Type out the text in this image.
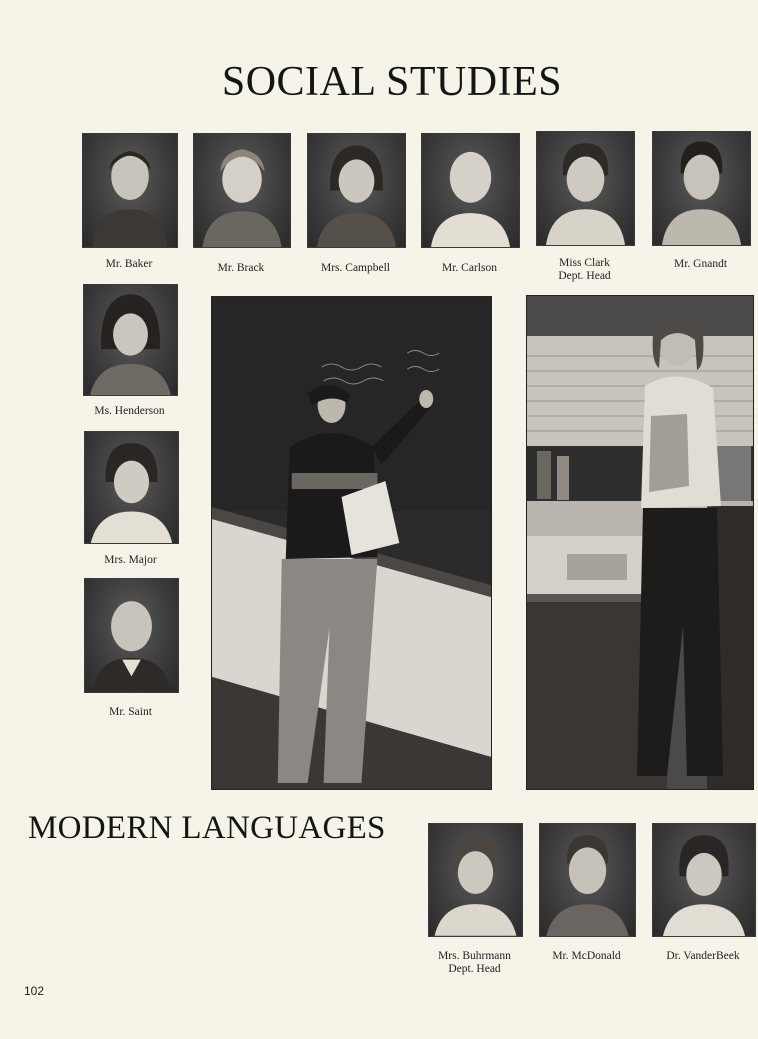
SOCIAL STUDIES
MODERN LANGUAGES
Mr. Baker	Mr. Brack	Mrs. Campbell	Mr. Carlson	Miss Clark
Dept. Head
Mr. Gnandt
Ms. Henderson
Mrs. Major
Mr. Saint
Mrs. Buhrmann
Dept. Head
Mr. McDonald	Dr. VanderBeek
102
